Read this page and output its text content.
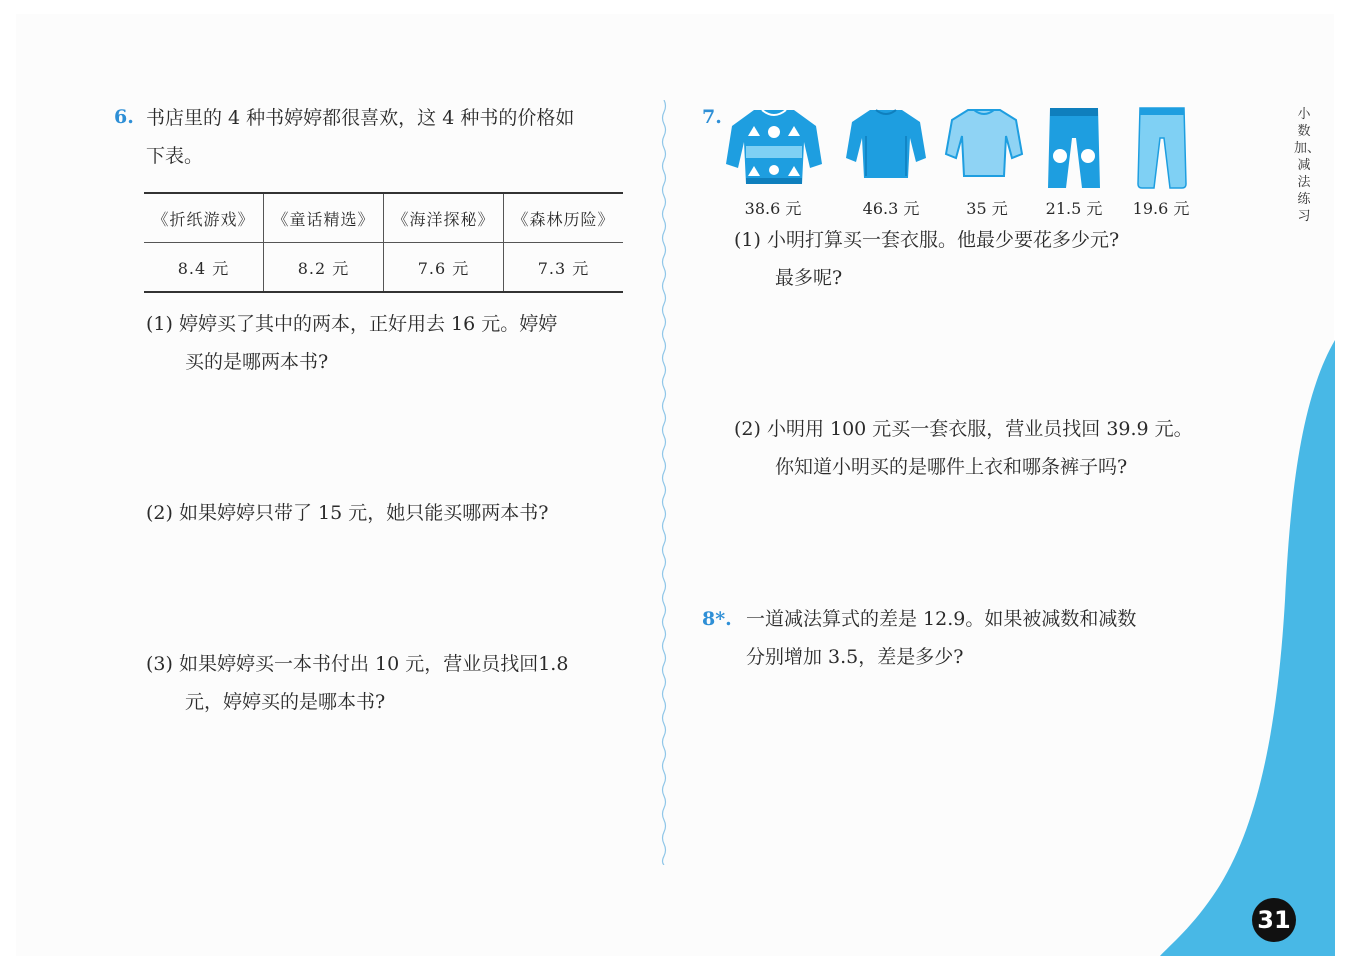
6. 书店里的 4 种书婷婷都很喜欢，这 4 种书的价格如
下表。
《折纸游戏》	《童话精选》	《海洋探秘》	《森林历险》
8.4 元	8.2 元	7.6 元	7.3 元
(1) 婷婷买了其中的两本，正好用去 16 元。婷婷
买的是哪两本书?
(2) 如果婷婷只带了 15 元，她只能买哪两本书?
(3) 如果婷婷买一本书付出 10 元，营业员找回1.8
元，婷婷买的是哪本书?
7.
38.6 元	46.3 元	35 元	21.5 元	19.6 元
(1) 小明打算买一套衣服。他最少要花多少元?
最多呢?
(2) 小明用 100 元买一套衣服，营业员找回 39.9 元。
你知道小明买的是哪件上衣和哪条裤子吗?
8*. 一道减法算式的差是 12.9。如果被减数和减数
分别增加 3.5，差是多少?
小数加、减法练习
31
